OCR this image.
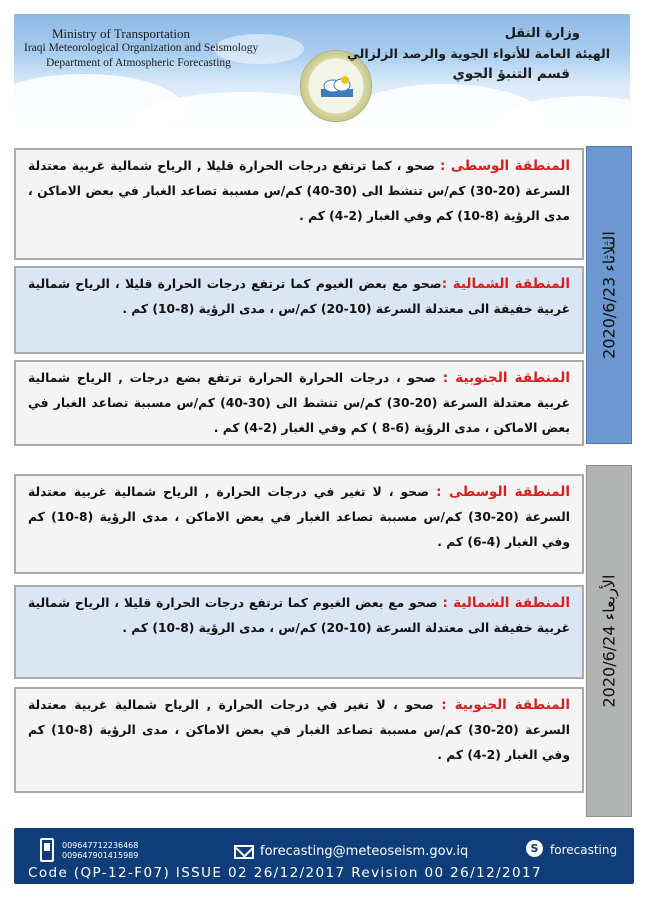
Ministry of Transportation
Iraqi Meteorological Organization and Seismology
Department of Atmospheric Forecasting
وزارة النقل
الهيئة العامة للأنواء الجوية والرصد الزلزالي
قسم التنبؤ الجوي
الثلاثاء 2020/6/23
المنطقة الوسطى : صحو ، كما ترتفع درجات الحرارة قليلا , الرياح شمالية غربية معتدلة السرعة (20-30) كم/س تنشط الى (30-40) كم/س مسببة تصاعد الغبار في بعض الاماكن ، مدى الرؤية (8-10) كم وفي الغبار (2-4) كم .
المنطقة الشمالية :صحو مع بعض الغيوم كما ترتفع درجات الحرارة قليلا ، الرياح شمالية غربية خفيفة الى معتدلة السرعة (10-20) كم/س ، مدى الرؤية (8-10) كم .
المنطقة الجنوبية : صحو ، درجات الحرارة الحرارة ترتفع بضع درجات , الرياح شمالية غربية معتدلة السرعة (20-30) كم/س تنشط الى (30-40) كم/س مسببة تصاعد الغبار في بعض الاماكن ، مدى الرؤية (6-8 ) كم وفي الغبار (2-4) كم .
الأربعاء 2020/6/24
المنطقة الوسطى : صحو ، لا تغير في درجات الحرارة , الرياح شمالية غربية معتدلة السرعة (20-30) كم/س مسببة تصاعد الغبار في بعض الاماكن ، مدى الرؤية (8-10) كم وفي الغبار (4-6) كم .
المنطقة الشمالية : صحو مع بعض الغيوم كما ترتفع درجات الحرارة قليلا ، الرياح شمالية غربية خفيفة الى معتدلة السرعة (10-20) كم/س ، مدى الرؤية (8-10) كم .
المنطقة الجنوبية : صحو ، لا تغير في درجات الحرارة , الرياح شمالية غربية معتدلة السرعة (20-30) كم/س مسببة تصاعد الغبار في بعض الاماكن ، مدى الرؤية (8-10) كم وفي الغبار (2-4) كم .
009647712236468
009647901415989	forecasting@meteoseism.gov.iq	S forecasting
Code (QP-12-F07) ISSUE 02 26/12/2017 Revision 00 26/12/2017
